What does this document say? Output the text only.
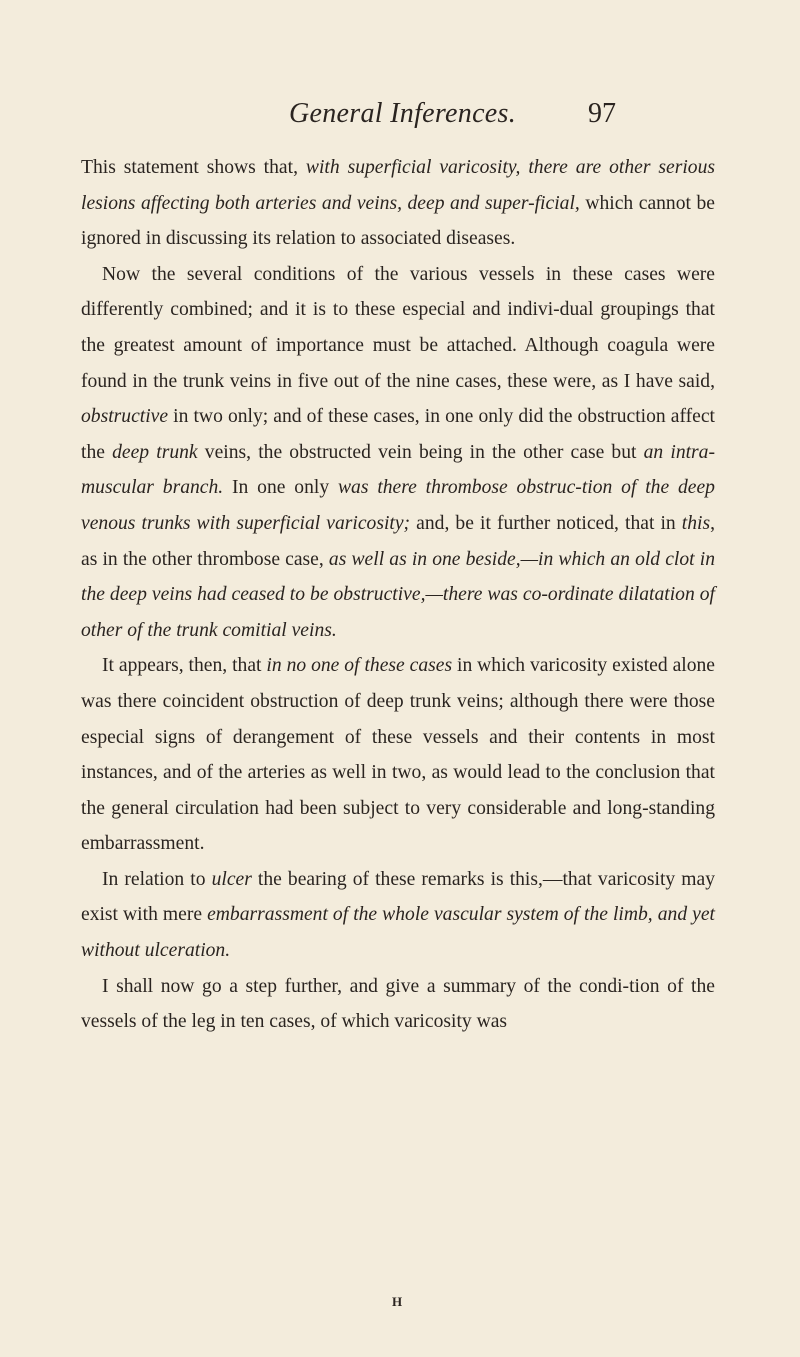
General Inferences.	97

This statement shows that, with superficial varicosity, there are other serious lesions affecting both arteries and veins, deep and super-ficial, which cannot be ignored in discussing its relation to associated diseases.

Now the several conditions of the various vessels in these cases were differently combined; and it is to these especial and indivi-dual groupings that the greatest amount of importance must be attached. Although coagula were found in the trunk veins in five out of the nine cases, these were, as I have said, obstructive in two only; and of these cases, in one only did the obstruction affect the deep trunk veins, the obstructed vein being in the other case but an intra-muscular branch. In one only was there thrombose obstruc-tion of the deep venous trunks with superficial varicosity; and, be it further noticed, that in this, as in the other thrombose case, as well as in one beside,—in which an old clot in the deep veins had ceased to be obstructive,—there was co-ordinate dilatation of other of the trunk comitial veins.

It appears, then, that in no one of these cases in which varicosity existed alone was there coincident obstruction of deep trunk veins; although there were those especial signs of derangement of these vessels and their contents in most instances, and of the arteries as well in two, as would lead to the conclusion that the general circulation had been subject to very considerable and long-standing embarrassment.

In relation to ulcer the bearing of these remarks is this,—that varicosity may exist with mere embarrassment of the whole vascular system of the limb, and yet without ulceration.

I shall now go a step further, and give a summary of the condi-tion of the vessels of the leg in ten cases, of which varicosity was

H
